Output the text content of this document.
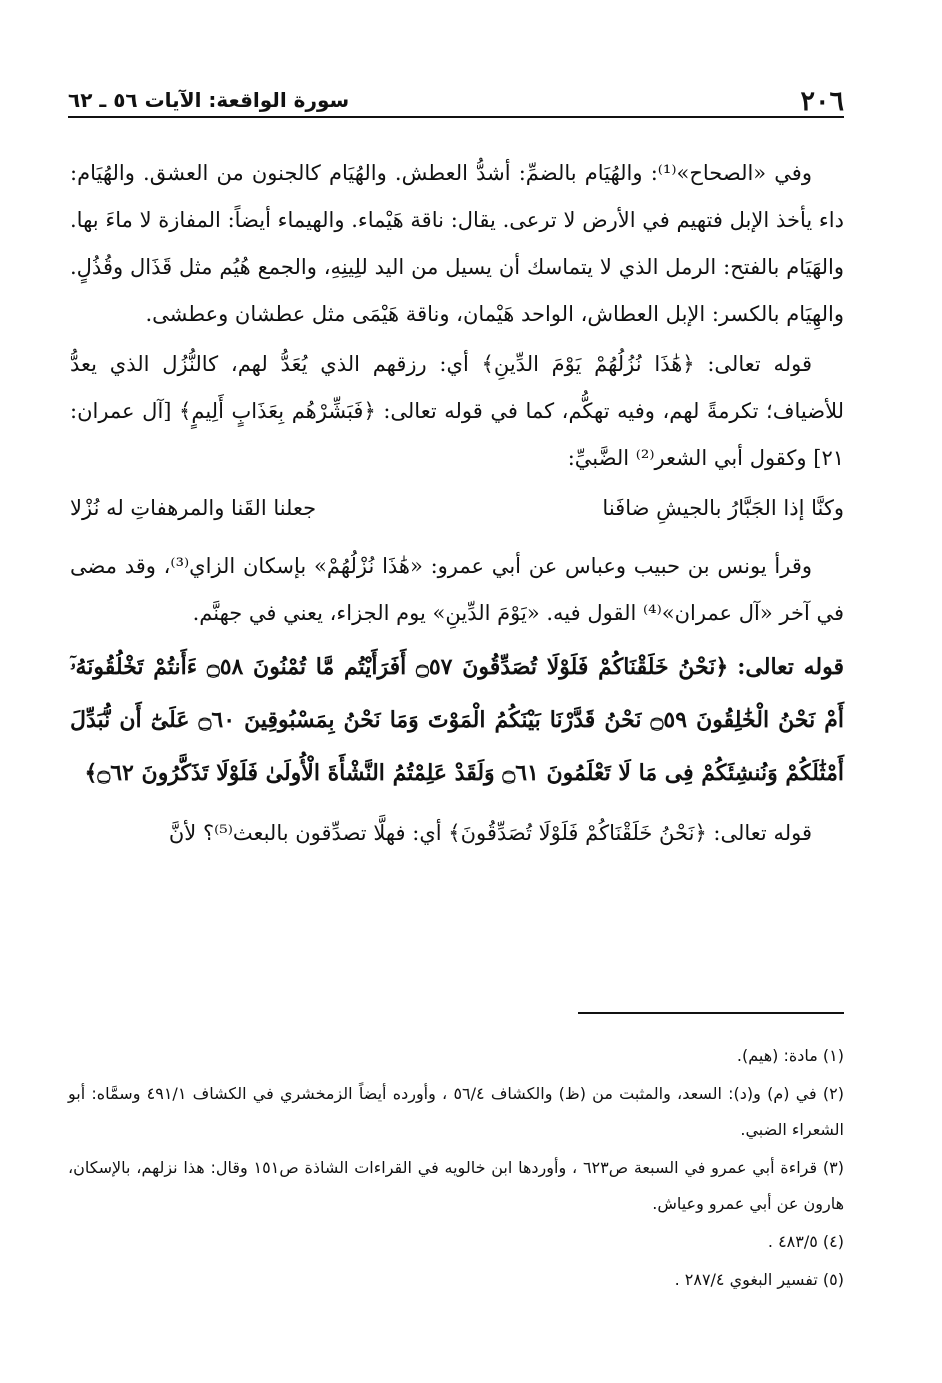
٢٠٦
سورة الواقعة: الآيات ٥٦ ـ ٦٢

وفي «الصحاح»⁽¹⁾: والهُيَام بالضمِّ: أشدُّ العطش. والهُيَام كالجنون من العشق. والهُيَام: داء يأخذ الإبل فتهيم في الأرض لا ترعى. يقال: ناقة هَيْماء. والهيماء أيضاً: المفازة لا ماءَ بها. والهَيَام بالفتح: الرمل الذي لا يتماسك أن يسيل من اليد للِينِهِ، والجمع هُيُم مثل قَذَال وقُذُلٍ. والهِيَام بالكسر: الإبل العطاش، الواحد هَيْمان، وناقة هَيْمَى مثل عطشان وعطشى.

قوله تعالى: ﴿هَٰذَا نُزُلُهُمْ يَوْمَ الدِّينِ﴾ أي: رزقهم الذي يُعَدُّ لهم، كالنُّزُل الذي يعدُّ للأضياف؛ تكرمةً لهم، وفيه تهكُّم، كما في قوله تعالى: ﴿فَبَشِّرْهُم بِعَذَابٍ أَلِيمٍ﴾ [آل عمران: ٢١] وكقول أبي الشعر⁽²⁾ الضَّبيِّ:

وكنَّا إذا الجَبَّارُ بالجيشِ ضافَنا
جعلنا القَنا والمرهفاتِ له نُزْلا

وقرأ يونس بن حبيب وعباس عن أبي عمرو: «هَٰذَا نُزْلُهُمْ» بإسكان الزاي⁽³⁾، وقد مضى في آخر «آل عمران»⁽⁴⁾ القول فيه. «يَوْمَ الدِّينِ» يوم الجزاء، يعني في جهنَّم.

قوله تعالى: ﴿نَحْنُ خَلَقْنَاكُمْ فَلَوْلَا تُصَدِّقُونَ ۝٥٧ أَفَرَأَيْتُم مَّا تُمْنُونَ ۝٥٨ ءَأَنتُمْ تَخْلُقُونَهُۥٓ أَمْ نَحْنُ الْخَٰلِقُونَ ۝٥٩ نَحْنُ قَدَّرْنَا بَيْنَكُمُ الْمَوْتَ وَمَا نَحْنُ بِمَسْبُوقِينَ ۝٦٠ عَلَىٰٓ أَن نُّبَدِّلَ أَمْثَٰلَكُمْ وَنُنشِئَكُمْ فِى مَا لَا تَعْلَمُونَ ۝٦١ وَلَقَدْ عَلِمْتُمُ النَّشْأَةَ الْأُولَىٰ فَلَوْلَا تَذَكَّرُونَ ۝٦٢﴾

قوله تعالى: ﴿نَحْنُ خَلَقْنَاكُمْ فَلَوْلَا تُصَدِّقُونَ﴾ أي: فهلَّا تصدِّقون بالبعث⁽⁵⁾؟ لأنَّ

(١) مادة: (هيم).

(٢) في (م) و(د): السعد، والمثبت من (ظ) والكشاف ٥٦/٤ ، وأورده أيضاً الزمخشري في الكشاف ٤٩١/١ وسمَّاه: أبو الشعراء الضبي.

(٣) قراءة أبي عمرو في السبعة ص٦٢٣ ، وأوردها ابن خالويه في القراءات الشاذة ص١٥١ وقال: هذا نزلهم، بالإسكان، هارون عن أبي عمرو وعياش.

(٤) ٤٨٣/٥ .

(٥) تفسير البغوي ٢٨٧/٤ .
